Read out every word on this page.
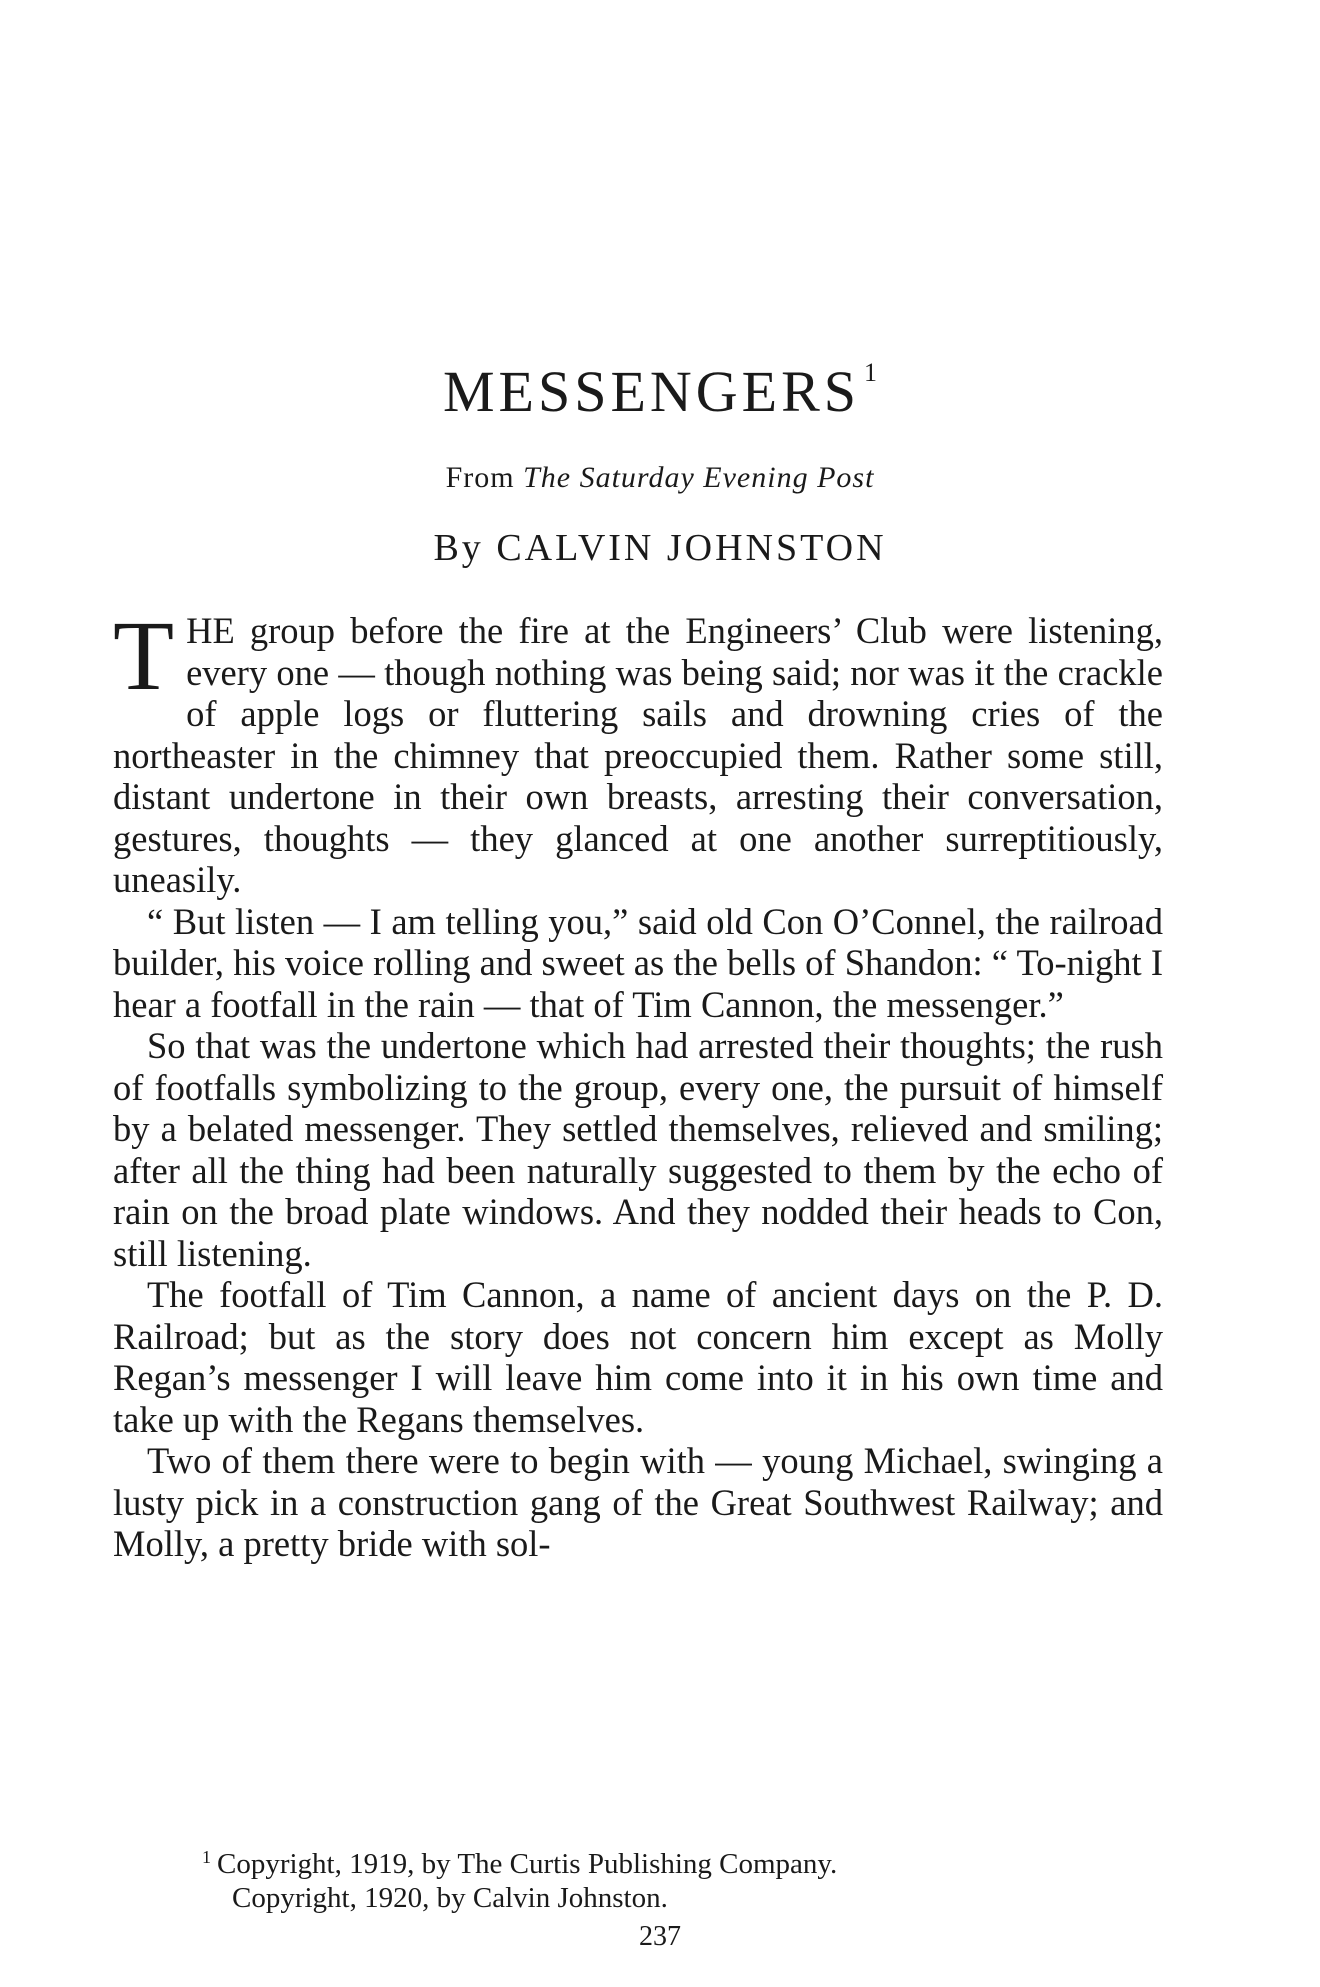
MESSENGERS $^1$
From The Saturday Evening Post
By CALVIN JOHNSTON

THE group before the fire at the Engineers’ Club were listening, every one — though nothing was being said; nor was it the crackle of apple logs or fluttering sails and drowning cries of the northeaster in the chimney that preoccupied them. Rather some still, distant undertone in their own breasts, arresting their conversation, gestures, thoughts — they glanced at one another surreptitiously, uneasily.

“ But listen — I am telling you,” said old Con O’Connel, the railroad builder, his voice rolling and sweet as the bells of Shandon: “ To-night I hear a footfall in the rain — that of Tim Cannon, the messenger.”

So that was the undertone which had arrested their thoughts; the rush of footfalls symbolizing to the group, every one, the pursuit of himself by a belated messenger. They settled themselves, relieved and smiling; after all the thing had been naturally suggested to them by the echo of rain on the broad plate windows. And they nodded their heads to Con, still listening.

The footfall of Tim Cannon, a name of ancient days on the P. D. Railroad; but as the story does not concern him except as Molly Regan’s messenger I will leave him come into it in his own time and take up with the Regans themselves.

Two of them there were to begin with — young Michael, swinging a lusty pick in a construction gang of the Great Southwest Railway; and Molly, a pretty bride with sol-

$^1$ Copyright, 1919, by The Curtis Publishing Company.

Copyright, 1920, by Calvin Johnston.

237
